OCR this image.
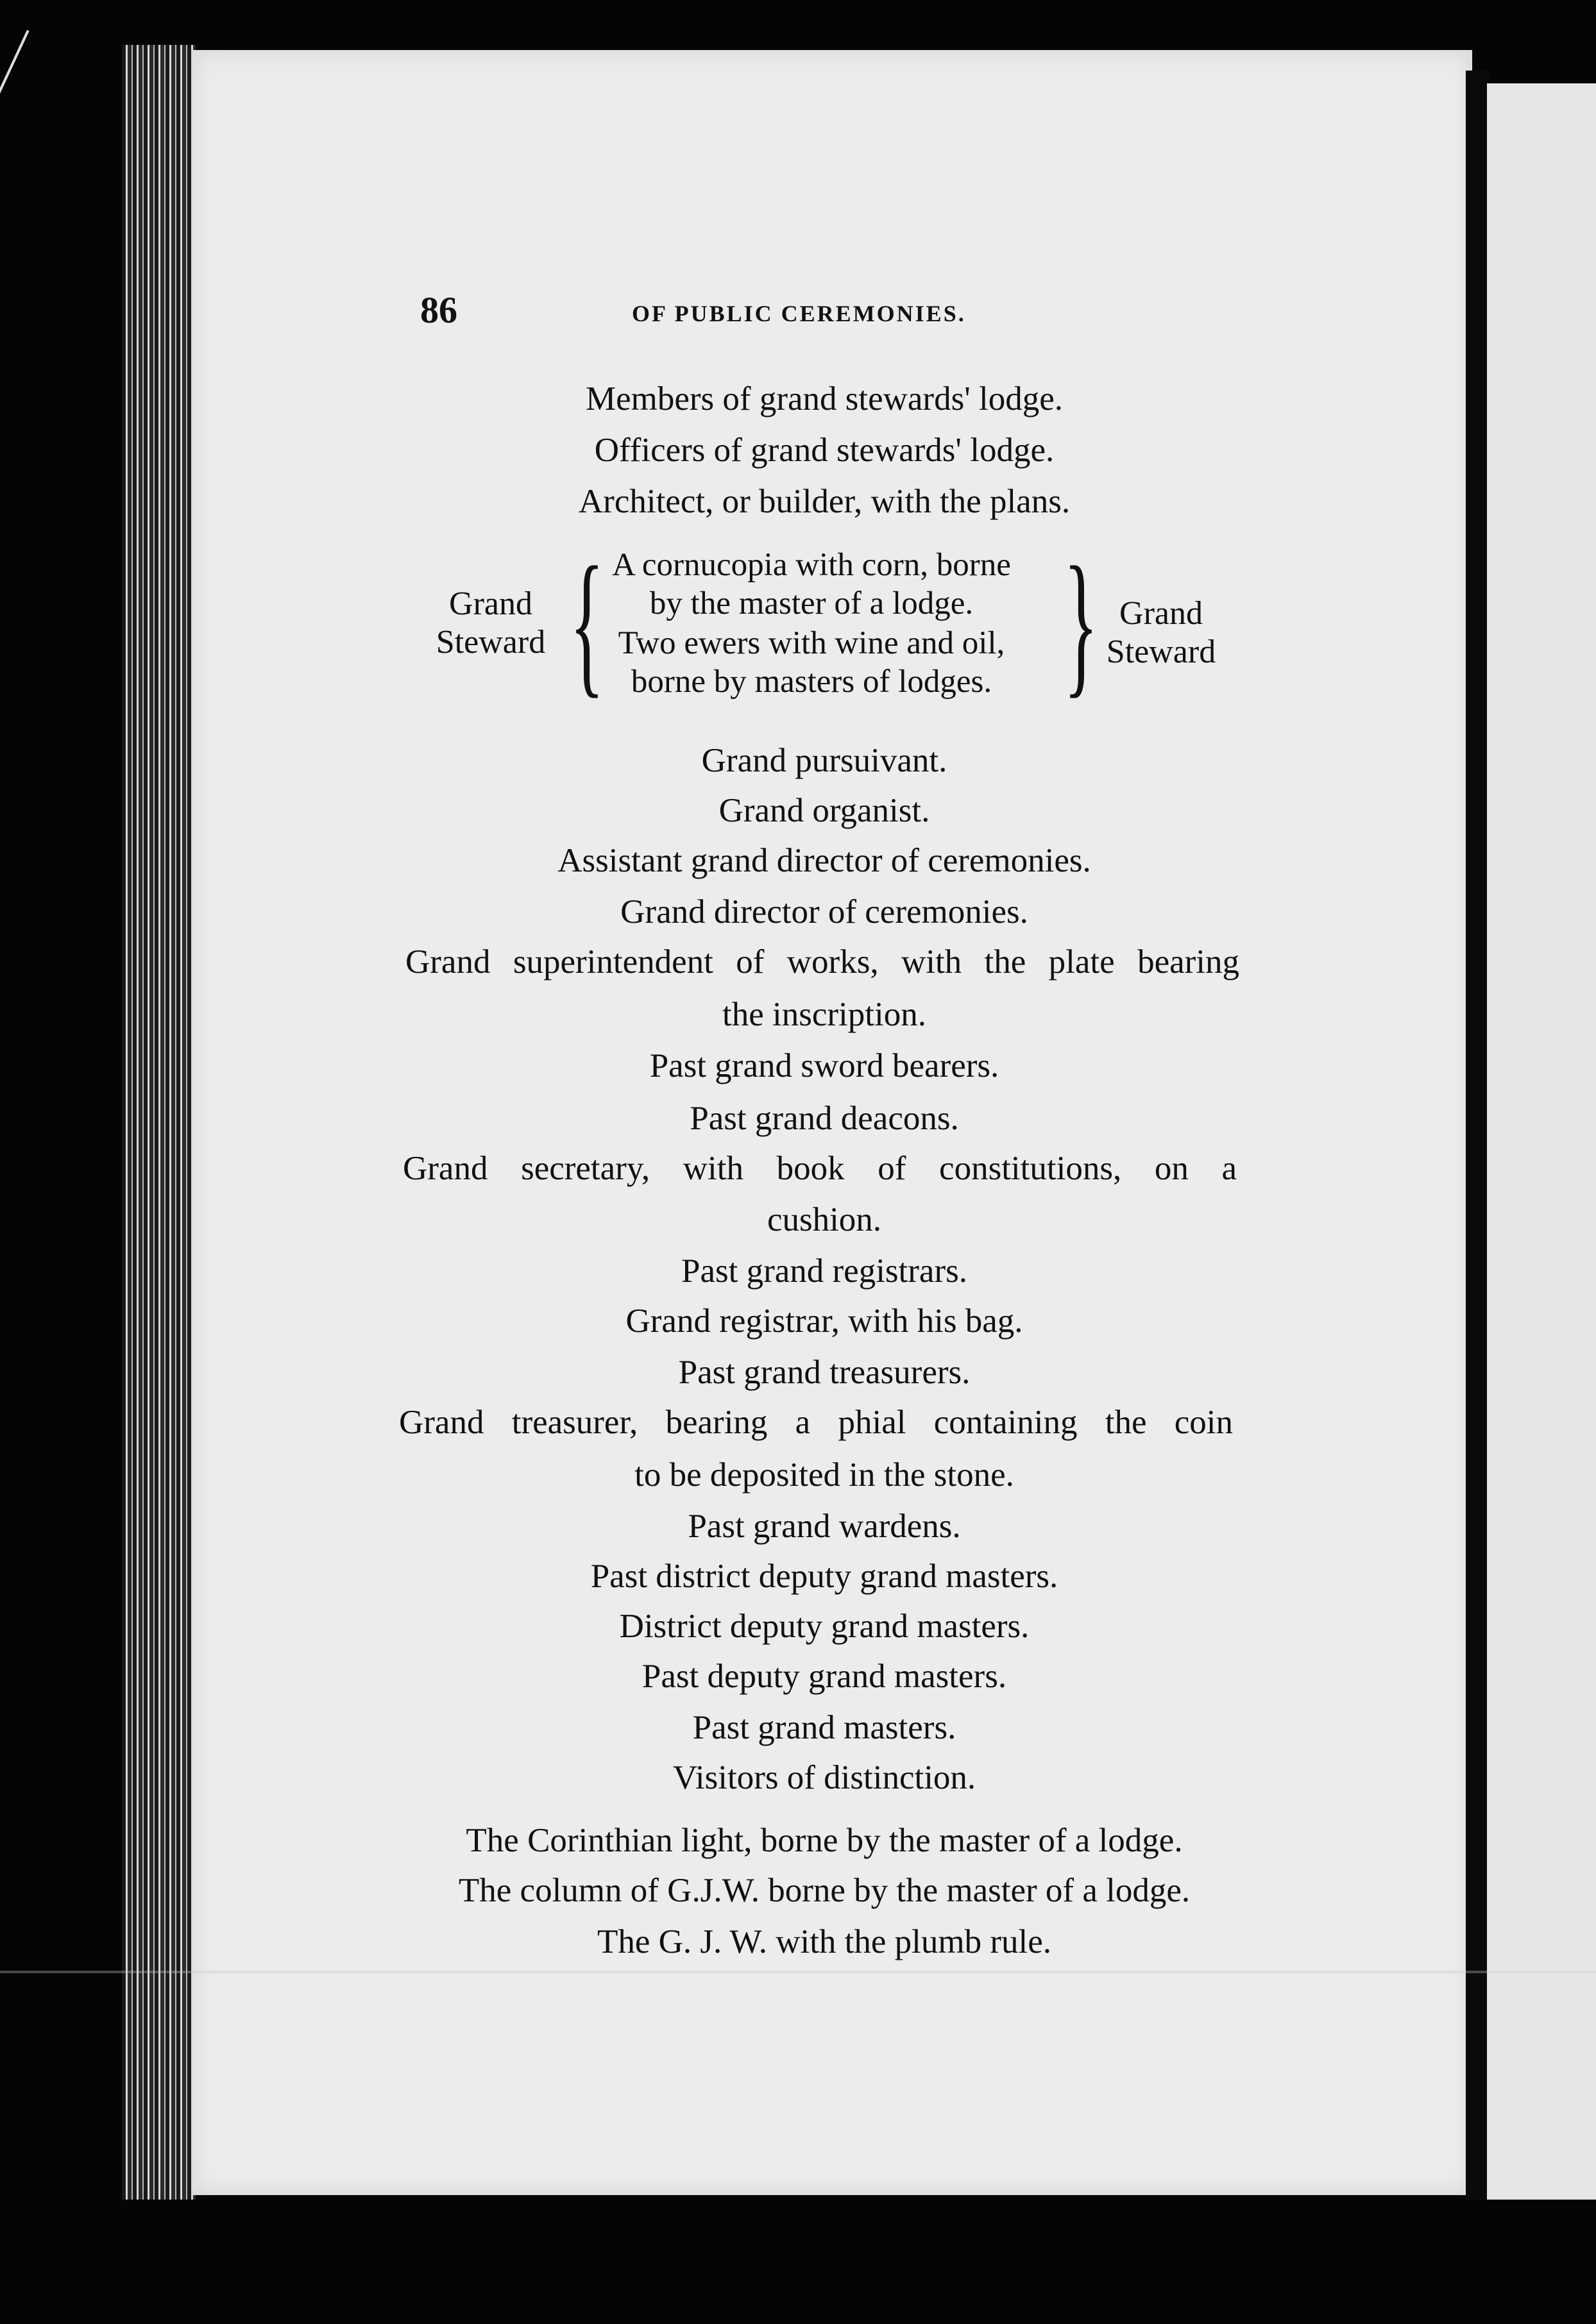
86	OF PUBLIC CEREMONIES.
Members of grand stewards' lodge.
Officers of grand stewards' lodge.
Architect, or builder, with the plans.
Grand
Steward { A cornucopia with corn, borne
by the master of a lodge.
Two ewers with wine and oil,
borne by masters of lodges. } Grand
Steward
Grand pursuivant.
Grand organist.
Assistant grand director of ceremonies.
Grand director of ceremonies.
Grand superintendent of works, with the plate bearing
the inscription.
Past grand sword bearers.
Past grand deacons.
Grand secretary, with book of constitutions, on a
cushion.
Past grand registrars.
Grand registrar, with his bag.
Past grand treasurers.
Grand treasurer, bearing a phial containing the coin
to be deposited in the stone.
Past grand wardens.
Past district deputy grand masters.
District deputy grand masters.
Past deputy grand masters.
Past grand masters.
Visitors of distinction.
The Corinthian light, borne by the master of a lodge.
The column of G.J.W. borne by the master of a lodge.
The G. J. W. with the plumb rule.
